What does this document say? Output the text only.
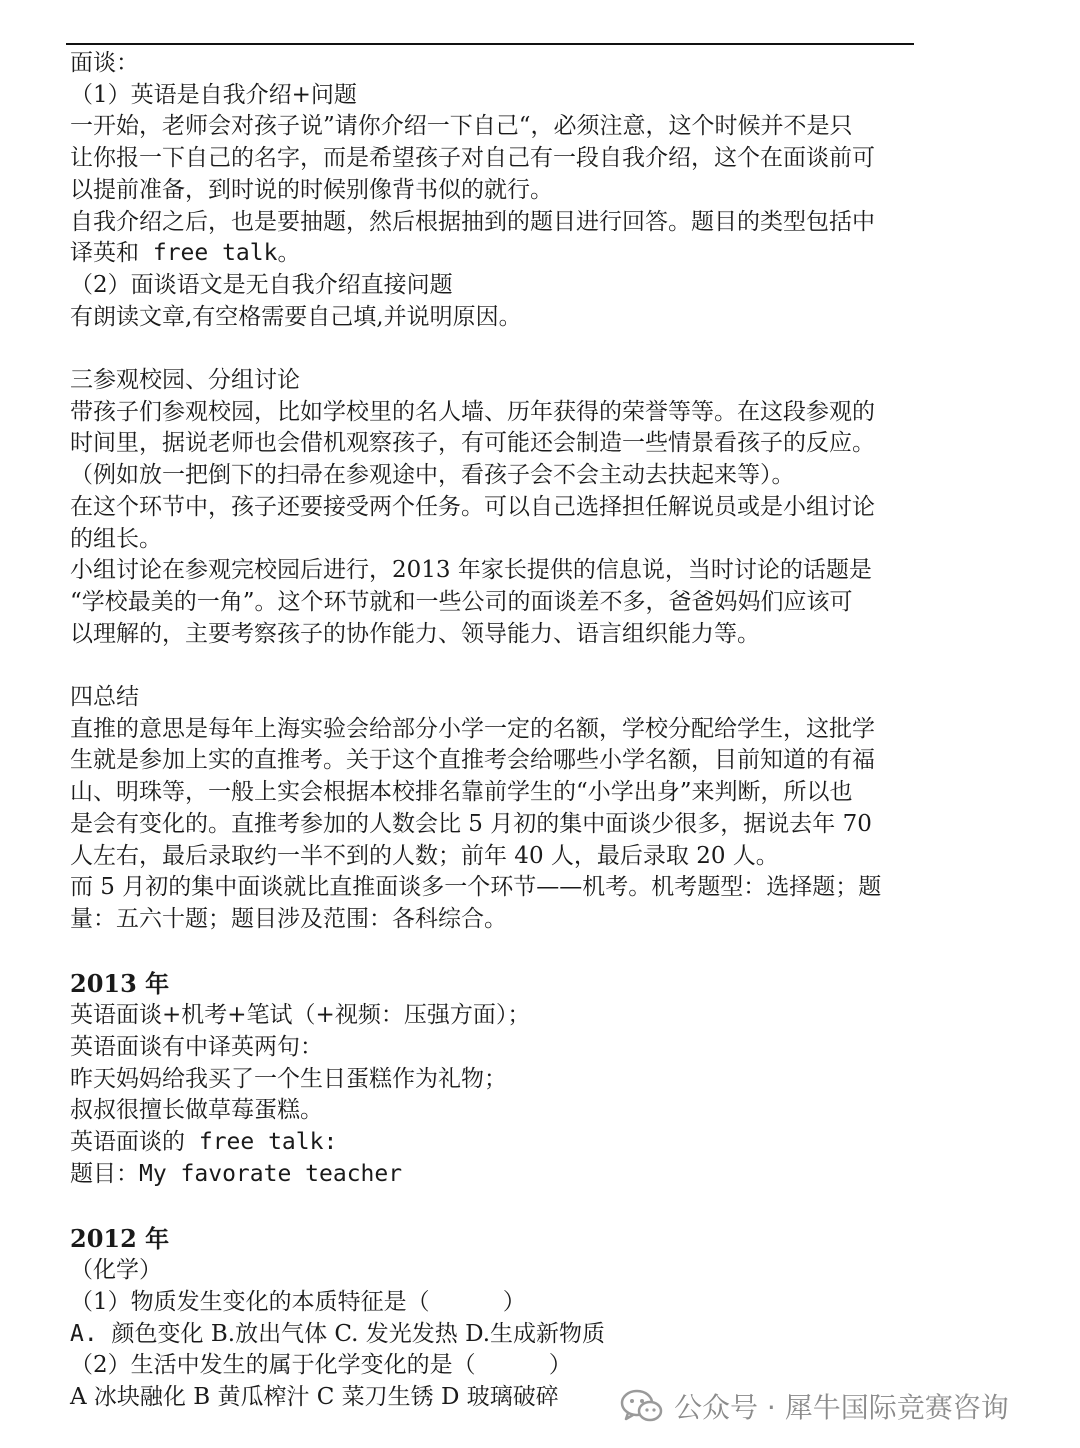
面谈：

（1）英语是自我介绍+问题

一开始，老师会对孩子说”请你介绍一下自己“，必须注意，这个时候并不是只

让你报一下自己的名字，而是希望孩子对自己有一段自我介绍，这个在面谈前可

以提前准备，到时说的时候别像背书似的就行。

自我介绍之后，也是要抽题，然后根据抽到的题目进行回答。题目的类型包括中

译英和 free talk。

（2）面谈语文是无自我介绍直接问题

有朗读文章,有空格需要自己填,并说明原因。

三参观校园、分组讨论

带孩子们参观校园，比如学校里的名人墙、历年获得的荣誉等等。在这段参观的

时间里，据说老师也会借机观察孩子，有可能还会制造一些情景看孩子的反应。

（例如放一把倒下的扫帚在参观途中，看孩子会不会主动去扶起来等）。

在这个环节中，孩子还要接受两个任务。可以自己选择担任解说员或是小组讨论

的组长。

小组讨论在参观完校园后进行，2013 年家长提供的信息说，当时讨论的话题是

“学校最美的一角”。这个环节就和一些公司的面谈差不多，爸爸妈妈们应该可

以理解的，主要考察孩子的协作能力、领导能力、语言组织能力等。

四总结

直推的意思是每年上海实验会给部分小学一定的名额，学校分配给学生，这批学

生就是参加上实的直推考。关于这个直推考会给哪些小学名额，目前知道的有福

山、明珠等，一般上实会根据本校排名靠前学生的“小学出身”来判断，所以也

是会有变化的。直推考参加的人数会比 5 月初的集中面谈少很多，据说去年 70

人左右，最后录取约一半不到的人数；前年 40 人，最后录取 20 人。

而 5 月初的集中面谈就比直推面谈多一个环节——机考。机考题型：选择题；题

量：五六十题；题目涉及范围：各科综合。

2013 年

英语面谈+机考+笔试（+视频：压强方面）；

英语面谈有中译英两句：

昨天妈妈给我买了一个生日蛋糕作为礼物；

叔叔很擅长做草莓蛋糕。

英语面谈的 free talk:

题目：My favorate teacher

2012 年

（化学）

（1）物质发生变化的本质特征是（          ）

A. 颜色变化 B.放出气体 C. 发光发热 D.生成新物质

（2）生活中发生的属于化学变化的是（          ）

A 冰块融化 B 黄瓜榨汁 C 菜刀生锈 D 玻璃破碎	公众号 · 犀牛国际竞赛咨询
